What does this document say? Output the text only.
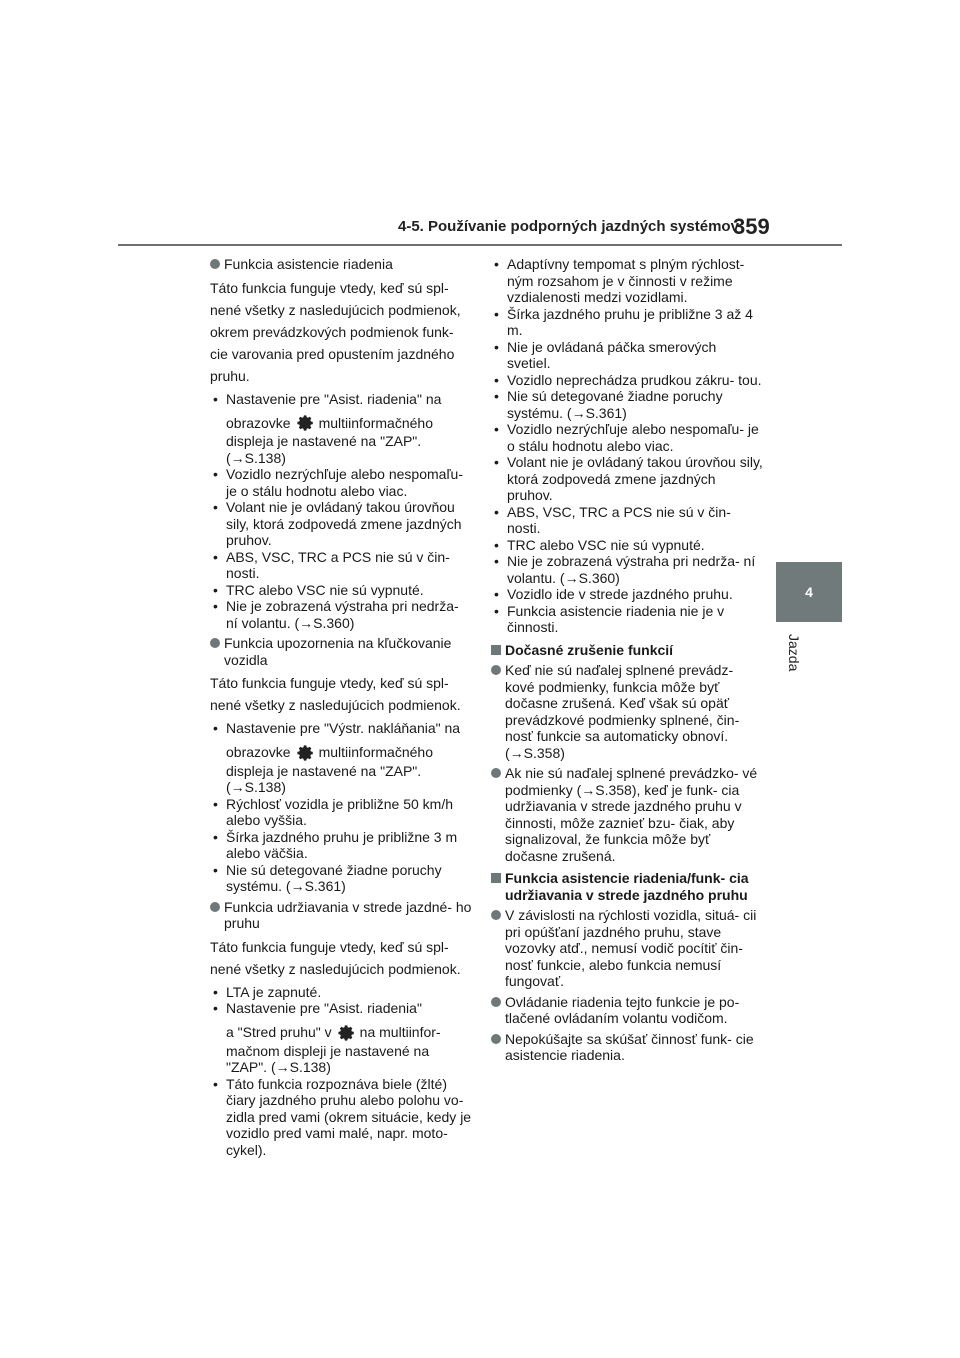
4-5. Používanie podporných jazdných systémov
359
4
Jazda
Funkcia asistencie riadenia
Táto funkcia funguje vtedy, keď sú spl-
nené všetky z nasledujúcich podmienok,
okrem prevádzkových podmienok funk-
cie varovania pred opustením jazdného
pruhu.
• Nastavenie pre "Asist. riadenia" na
obrazovke multiinformačného
displeja je nastavené na "ZAP".
(→S.138)
• Vozidlo nezrýchľuje alebo nespomaľu- je o stálu hodnotu alebo viac.
• Volant nie je ovládaný takou úrovňou sily, ktorá zodpovedá zmene jazdných pruhov.
• ABS, VSC, TRC a PCS nie sú v čin- nosti.
• TRC alebo VSC nie sú vypnuté.
• Nie je zobrazená výstraha pri nedrža- ní volantu. (→S.360)
Funkcia upozornenia na kľučkovanie vozidla
Táto funkcia funguje vtedy, keď sú spl-
nené všetky z nasledujúcich podmienok.
• Nastavenie pre "Výstr. nakláňania" na
obrazovke multiinformačného
displeja je nastavené na "ZAP".
(→S.138)
• Rýchlosť vozidla je približne 50 km/h alebo vyššia.
• Šírka jazdného pruhu je približne 3 m alebo väčšia.
• Nie sú detegované žiadne poruchy systému. (→S.361)
Funkcia udržiavania v strede jazdné- ho pruhu
Táto funkcia funguje vtedy, keď sú spl-
nené všetky z nasledujúcich podmienok.
• LTA je zapnuté.
• Nastavenie pre "Asist. riadenia"
a "Stred pruhu" v na multiinfor-
mačnom displeji je nastavené na
"ZAP". (→S.138)
• Táto funkcia rozpoznáva biele (žlté) čiary jazdného pruhu alebo polohu vo- zidla pred vami (okrem situácie, kedy je vozidlo pred vami malé, napr. moto- cykel).
• Adaptívny tempomat s plným rýchlost- ným rozsahom je v činnosti v režime vzdialenosti medzi vozidlami.
• Šírka jazdného pruhu je približne 3 až 4 m.
• Nie je ovládaná páčka smerových svetiel.
• Vozidlo neprechádza prudkou zákru- tou.
• Nie sú detegované žiadne poruchy systému. (→S.361)
• Vozidlo nezrýchľuje alebo nespomaľu- je o stálu hodnotu alebo viac.
• Volant nie je ovládaný takou úrovňou sily, ktorá zodpovedá zmene jazdných pruhov.
• ABS, VSC, TRC a PCS nie sú v čin- nosti.
• TRC alebo VSC nie sú vypnuté.
• Nie je zobrazená výstraha pri nedrža- ní volantu. (→S.360)
• Vozidlo ide v strede jazdného pruhu.
• Funkcia asistencie riadenia nie je v činnosti.
Dočasné zrušenie funkcií
Keď nie sú naďalej splnené prevádz- kové podmienky, funkcia môže byť dočasne zrušená. Keď však sú opäť prevádzkové podmienky splnené, čin- nosť funkcie sa automaticky obnoví. (→S.358)
Ak nie sú naďalej splnené prevádzko- vé podmienky (→S.358), keď je funk- cia udržiavania v strede jazdného pruhu v činnosti, môže zaznieť bzu- čiak, aby signalizoval, že funkcia môže byť dočasne zrušená.
Funkcia asistencie riadenia/funk- cia udržiavania v strede jazdného pruhu
V závislosti na rýchlosti vozidla, situá- cii pri opúšťaní jazdného pruhu, stave vozovky atď., nemusí vodič pocítiť čin- nosť funkcie, alebo funkcia nemusí fungovať.
Ovládanie riadenia tejto funkcie je po- tlačené ovládaním volantu vodičom.
Nepokúšajte sa skúšať činnosť funk- cie asistencie riadenia.
